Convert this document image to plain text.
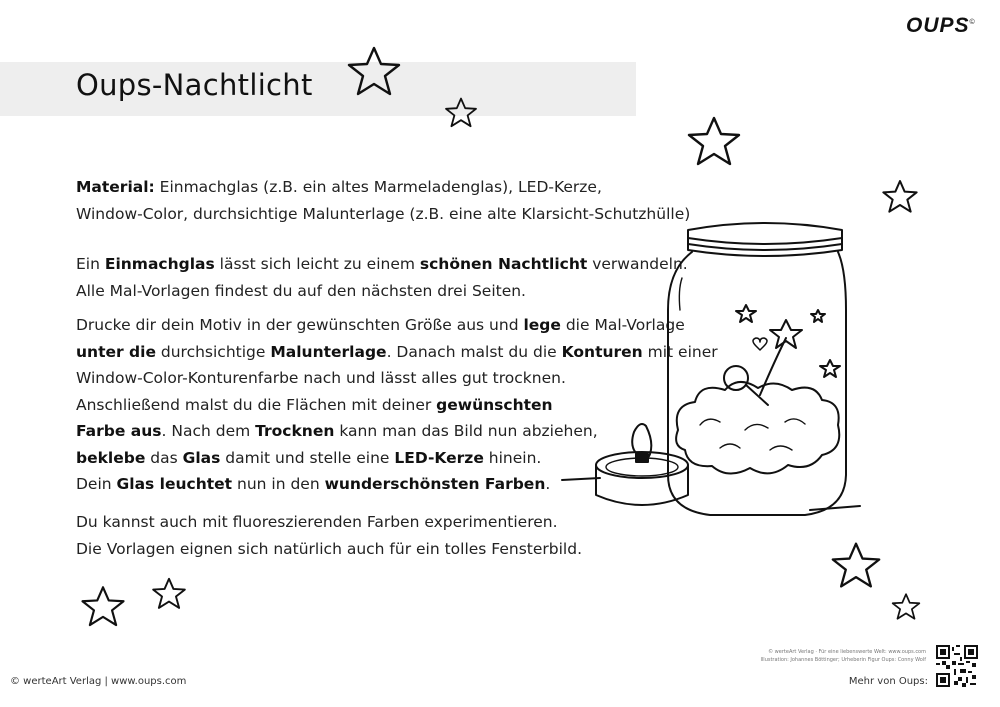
OUPS©
Oups-Nachtlicht

Material: Einmachglas (z.B. ein altes Marmeladenglas), LED-Kerze,
Window-Color, durchsichtige Malunterlage (z.B. eine alte Klarsicht-Schutzhülle)

Ein Einmachglas lässt sich leicht zu einem schönen Nachtlicht verwandeln.
Alle Mal-Vorlagen findest du auf den nächsten drei Seiten.

Drucke dir dein Motiv in der gewünschten Größe aus und lege die Mal-Vorlage
unter die durchsichtige Malunterlage. Danach malst du die Konturen mit einer
Window-Color-Konturenfarbe nach und lässt alles gut trocknen.
Anschließend malst du die Flächen mit deiner gewünschten
Farbe aus. Nach dem Trocknen kann man das Bild nun abziehen,
beklebe das Glas damit und stelle eine LED-Kerze hinein.
Dein Glas leuchtet nun in den wunderschönsten Farben.

Du kannst auch mit fluoreszierenden Farben experimentieren.
Die Vorlagen eignen sich natürlich auch für ein tolles Fensterbild.

© werteArt Verlag · Für eine liebenswerte Welt: www.oups.com
Illustration: Johannes Böttinger; Urheberin Figur Oups: Conny Wolf
© werteArt Verlag | www.oups.com	Mehr von Oups:
